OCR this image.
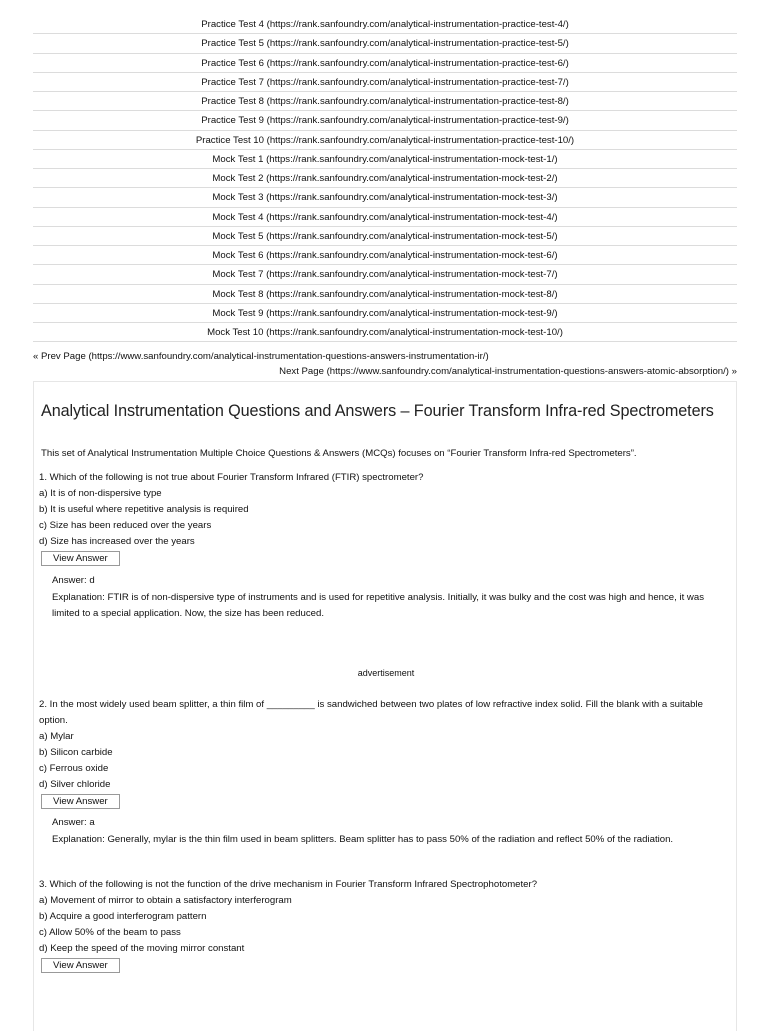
Practice Test 4 (https://rank.sanfoundry.com/analytical-instrumentation-practice-test-4/)
Practice Test 5 (https://rank.sanfoundry.com/analytical-instrumentation-practice-test-5/)
Practice Test 6 (https://rank.sanfoundry.com/analytical-instrumentation-practice-test-6/)
Practice Test 7 (https://rank.sanfoundry.com/analytical-instrumentation-practice-test-7/)
Practice Test 8 (https://rank.sanfoundry.com/analytical-instrumentation-practice-test-8/)
Practice Test 9 (https://rank.sanfoundry.com/analytical-instrumentation-practice-test-9/)
Practice Test 10 (https://rank.sanfoundry.com/analytical-instrumentation-practice-test-10/)
Mock Test 1 (https://rank.sanfoundry.com/analytical-instrumentation-mock-test-1/)
Mock Test 2 (https://rank.sanfoundry.com/analytical-instrumentation-mock-test-2/)
Mock Test 3 (https://rank.sanfoundry.com/analytical-instrumentation-mock-test-3/)
Mock Test 4 (https://rank.sanfoundry.com/analytical-instrumentation-mock-test-4/)
Mock Test 5 (https://rank.sanfoundry.com/analytical-instrumentation-mock-test-5/)
Mock Test 6 (https://rank.sanfoundry.com/analytical-instrumentation-mock-test-6/)
Mock Test 7 (https://rank.sanfoundry.com/analytical-instrumentation-mock-test-7/)
Mock Test 8 (https://rank.sanfoundry.com/analytical-instrumentation-mock-test-8/)
Mock Test 9 (https://rank.sanfoundry.com/analytical-instrumentation-mock-test-9/)
Mock Test 10 (https://rank.sanfoundry.com/analytical-instrumentation-mock-test-10/)
« Prev Page (https://www.sanfoundry.com/analytical-instrumentation-questions-answers-instrumentation-ir/)
Next Page (https://www.sanfoundry.com/analytical-instrumentation-questions-answers-atomic-absorption/) »
Analytical Instrumentation Questions and Answers – Fourier Transform Infra-red Spectrometers
This set of Analytical Instrumentation Multiple Choice Questions & Answers (MCQs) focuses on “Fourier Transform Infra-red Spectrometers”.

1. Which of the following is not true about Fourier Transform Infrared (FTIR) spectrometer?

a) It is of non-dispersive type

b) It is useful where repetitive analysis is required

c) Size has been reduced over the years

d) Size has increased over the years

View Answer

Answer: d

Explanation: FTIR is of non-dispersive type of instruments and is used for repetitive analysis. Initially, it was bulky and the cost was high and hence, it was limited to a special application. Now, the size has been reduced.

advertisement

2. In the most widely used beam splitter, a thin film of _________ is sandwiched between two plates of low refractive index solid. Fill the blank with a suitable option.

a) Mylar

b) Silicon carbide

c) Ferrous oxide

d) Silver chloride

View Answer

Answer: a

Explanation: Generally, mylar is the thin film used in beam splitters. Beam splitter has to pass 50% of the radiation and reflect 50% of the radiation.

3. Which of the following is not the function of the drive mechanism in Fourier Transform Infrared Spectrophotometer?

a) Movement of mirror to obtain a satisfactory interferogram

b) Acquire a good interferogram pattern

c) Allow 50% of the beam to pass

d) Keep the speed of the moving mirror constant

View Answer
